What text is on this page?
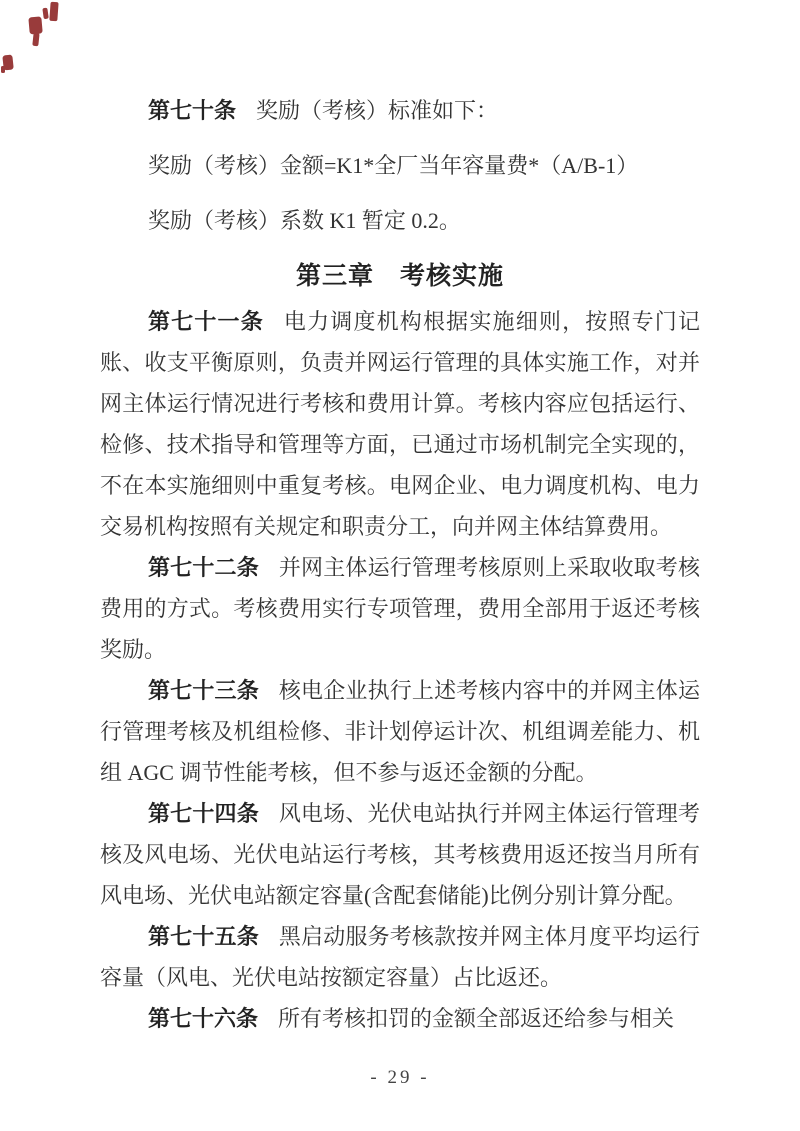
第七十条 奖励（考核）标准如下：

奖励（考核）金额=K1*全厂当年容量费*（A/B-1）

奖励（考核）系数 K1 暂定 0.2。

第三章　考核实施

第七十一条 电力调度机构根据实施细则，按照专门记账、收支平衡原则，负责并网运行管理的具体实施工作，对并网主体运行情况进行考核和费用计算。考核内容应包括运行、检修、技术指导和管理等方面，已通过市场机制完全实现的，不在本实施细则中重复考核。电网企业、电力调度机构、电力交易机构按照有关规定和职责分工，向并网主体结算费用。

第七十二条 并网主体运行管理考核原则上采取收取考核费用的方式。考核费用实行专项管理，费用全部用于返还考核奖励。

第七十三条 核电企业执行上述考核内容中的并网主体运行管理考核及机组检修、非计划停运计次、机组调差能力、机组 AGC 调节性能考核，但不参与返还金额的分配。

第七十四条 风电场、光伏电站执行并网主体运行管理考核及风电场、光伏电站运行考核，其考核费用返还按当月所有风电场、光伏电站额定容量(含配套储能)比例分别计算分配。

第七十五条 黑启动服务考核款按并网主体月度平均运行容量（风电、光伏电站按额定容量）占比返还。

第七十六条 所有考核扣罚的金额全部返还给参与相关

- 29 -
